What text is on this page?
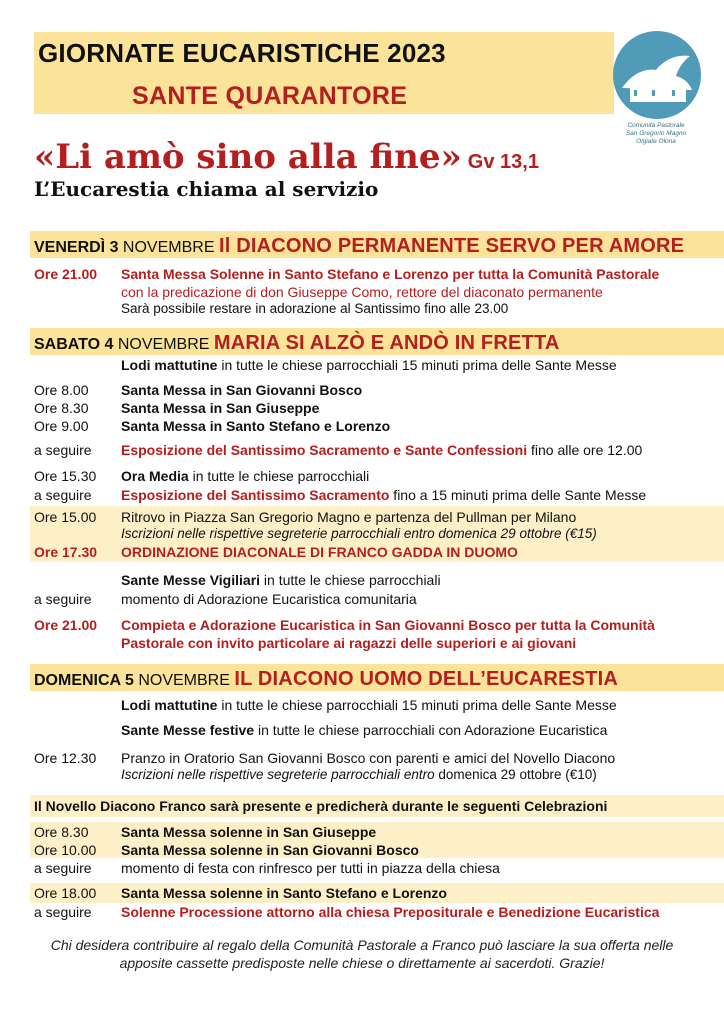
GIORNATE EUCARISTICHE 2023
SANTE QUARANTORE
Comunità Pastorale
San Gregorio Magno
Olgiate Olona
«Li amò sino alla fine» Gv 13,1
L’Eucarestia chiama al servizio
VENERDÌ 3 NOVEMBRE Il DIACONO PERMANENTE SERVO PER AMORE
Ore 21.00	Santa Messa Solenne in Santo Stefano e Lorenzo per tutta la Comunità Pastorale
con la predicazione di don Giuseppe Como, rettore del diaconato permanente
Sarà possibile restare in adorazione al Santissimo fino alle 23.00
SABATO 4 NOVEMBRE MARIA SI ALZÒ E ANDÒ IN FRETTA
Lodi mattutine in tutte le chiese parrocchiali 15 minuti prima delle Sante Messe
Ore 8.00	Santa Messa in San Giovanni Bosco
Ore 8.30	Santa Messa in San Giuseppe
Ore 9.00	Santa Messa in Santo Stefano e Lorenzo
a seguire	Esposizione del Santissimo Sacramento e Sante Confessioni fino alle ore 12.00
Ore 15.30	Ora Media in tutte le chiese parrocchiali
a seguire	Esposizione del Santissimo Sacramento fino a 15 minuti prima delle Sante Messe
Ore 15.00	Ritrovo in Piazza San Gregorio Magno e partenza del Pullman per Milano
Iscrizioni nelle rispettive segreterie parrocchiali entro domenica 29 ottobre (€15)
Ore 17.30	ORDINAZIONE DIACONALE DI FRANCO GADDA IN DUOMO
Sante Messe Vigiliari in tutte le chiese parrocchiali
a seguire	momento di Adorazione Eucaristica comunitaria
Ore 21.00	Compieta e Adorazione Eucaristica in San Giovanni Bosco per tutta la Comunità
Pastorale con invito particolare ai ragazzi delle superiori e ai giovani
DOMENICA 5 NOVEMBRE IL DIACONO UOMO DELL’EUCARESTIA
Lodi mattutine in tutte le chiese parrocchiali 15 minuti prima delle Sante Messe
Sante Messe festive in tutte le chiese parrocchiali con Adorazione Eucaristica
Ore 12.30	Pranzo in Oratorio San Giovanni Bosco con parenti e amici del Novello Diacono
Iscrizioni nelle rispettive segreterie parrocchiali entro domenica 29 ottobre (€10)
Il Novello Diacono Franco sarà presente e predicherà durante le seguenti Celebrazioni
Ore 8.30	Santa Messa solenne in San Giuseppe
Ore 10.00	Santa Messa solenne in San Giovanni Bosco
a seguire	momento di festa con rinfresco per tutti in piazza della chiesa
Ore 18.00	Santa Messa solenne in Santo Stefano e Lorenzo
a seguire	Solenne Processione attorno alla chiesa Prepositurale e Benedizione Eucaristica
Chi desidera contribuire al regalo della Comunità Pastorale a Franco può lasciare la sua offerta nelle
apposite cassette predisposte nelle chiese o direttamente ai sacerdoti. Grazie!
